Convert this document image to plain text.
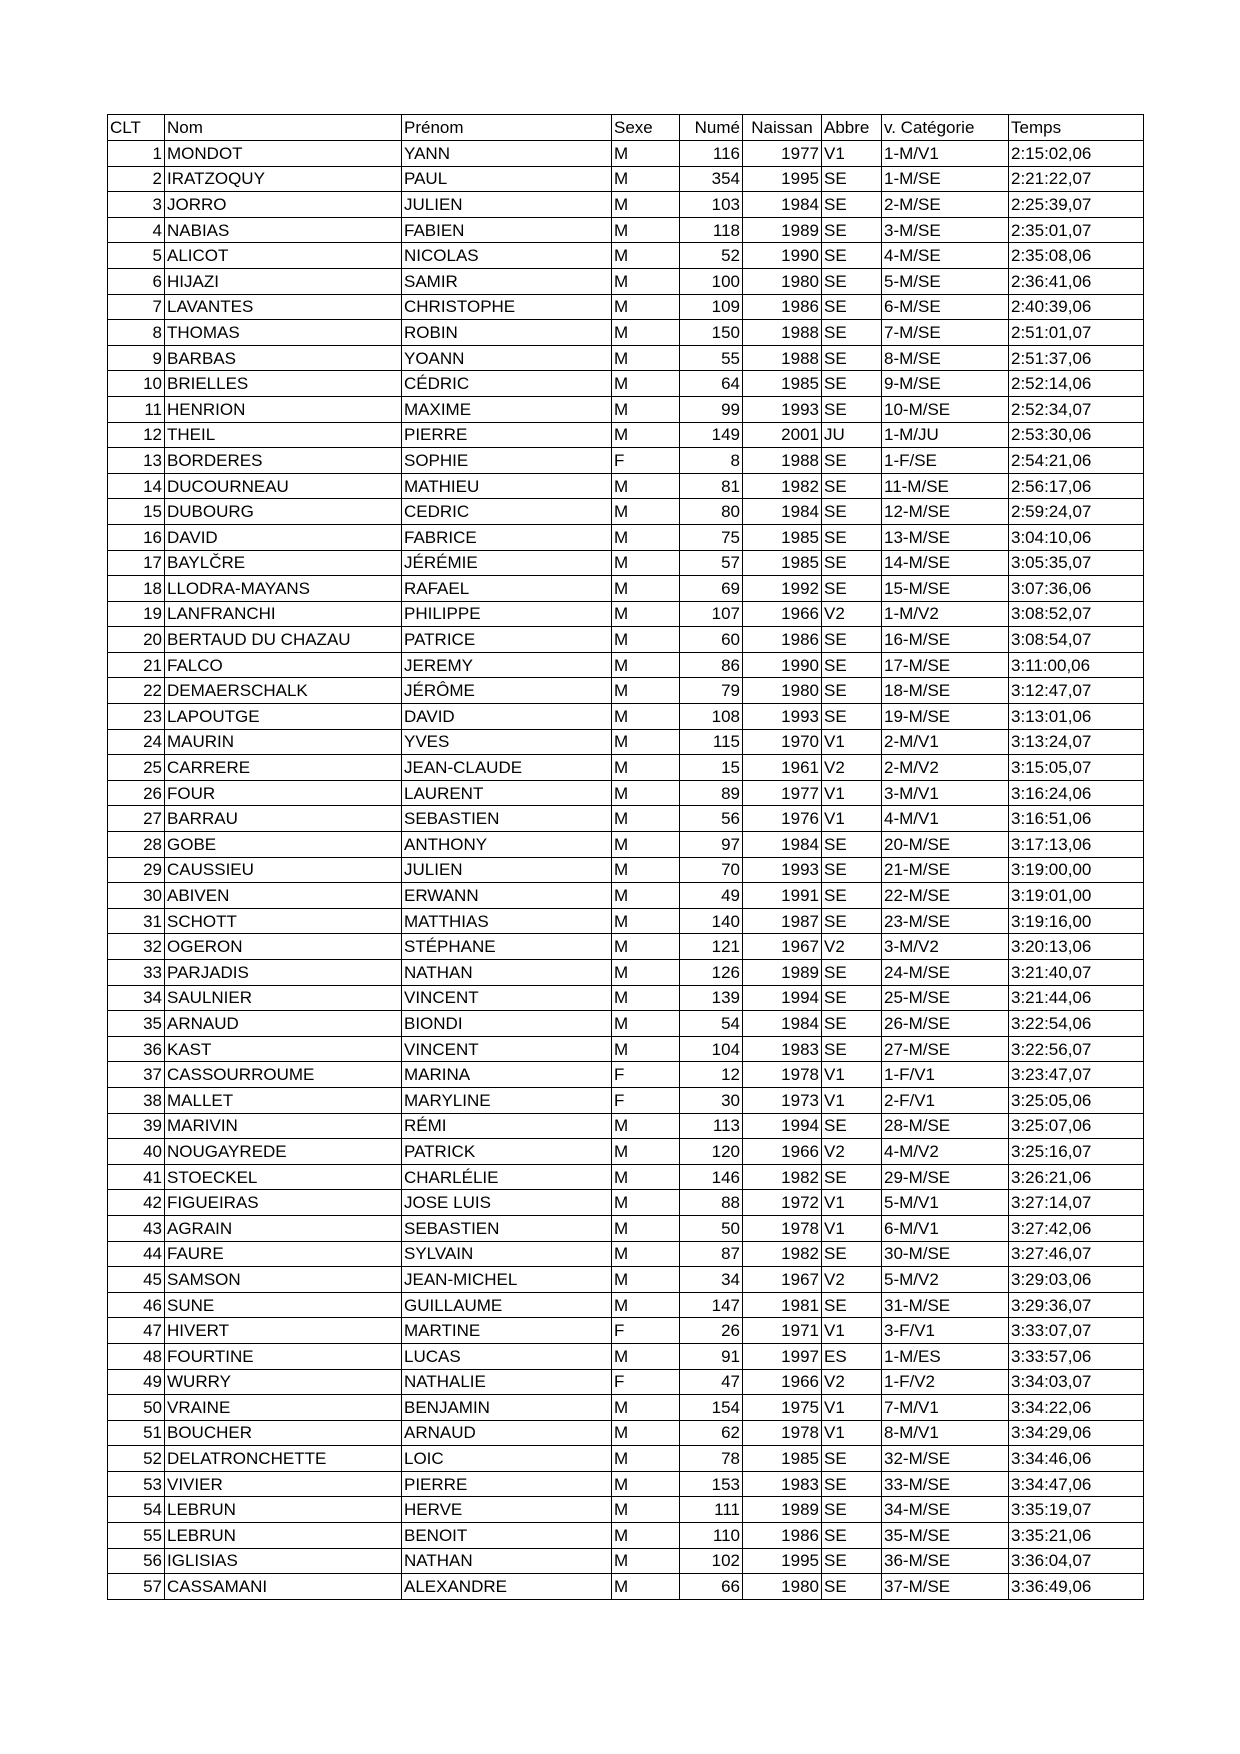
CLT	Nom	Prénom	Sexe	Numé	Naissan	Abbre	v. Catégorie	Temps
1	MONDOT	YANN	M	116	1977	V1	1-M/V1	2:15:02,06
2	IRATZOQUY	PAUL	M	354	1995	SE	1-M/SE	2:21:22,07
3	JORRO	JULIEN	M	103	1984	SE	2-M/SE	2:25:39,07
4	NABIAS	FABIEN	M	118	1989	SE	3-M/SE	2:35:01,07
5	ALICOT	NICOLAS	M	52	1990	SE	4-M/SE	2:35:08,06
6	HIJAZI	SAMIR	M	100	1980	SE	5-M/SE	2:36:41,06
7	LAVANTES	CHRISTOPHE	M	109	1986	SE	6-M/SE	2:40:39,06
8	THOMAS	ROBIN	M	150	1988	SE	7-M/SE	2:51:01,07
9	BARBAS	YOANN	M	55	1988	SE	8-M/SE	2:51:37,06
10	BRIELLES	CÉDRIC	M	64	1985	SE	9-M/SE	2:52:14,06
11	HENRION	MAXIME	M	99	1993	SE	10-M/SE	2:52:34,07
12	THEIL	PIERRE	M	149	2001	JU	1-M/JU	2:53:30,06
13	BORDERES	SOPHIE	F	8	1988	SE	1-F/SE	2:54:21,06
14	DUCOURNEAU	MATHIEU	M	81	1982	SE	11-M/SE	2:56:17,06
15	DUBOURG	CEDRIC	M	80	1984	SE	12-M/SE	2:59:24,07
16	DAVID	FABRICE	M	75	1985	SE	13-M/SE	3:04:10,06
17	BAYLČRE	JÉRÉMIE	M	57	1985	SE	14-M/SE	3:05:35,07
18	LLODRA-MAYANS	RAFAEL	M	69	1992	SE	15-M/SE	3:07:36,06
19	LANFRANCHI	PHILIPPE	M	107	1966	V2	1-M/V2	3:08:52,07
20	BERTAUD DU CHAZAU	PATRICE	M	60	1986	SE	16-M/SE	3:08:54,07
21	FALCO	JEREMY	M	86	1990	SE	17-M/SE	3:11:00,06
22	DEMAERSCHALK	JÉRÔME	M	79	1980	SE	18-M/SE	3:12:47,07
23	LAPOUTGE	DAVID	M	108	1993	SE	19-M/SE	3:13:01,06
24	MAURIN	YVES	M	115	1970	V1	2-M/V1	3:13:24,07
25	CARRERE	JEAN-CLAUDE	M	15	1961	V2	2-M/V2	3:15:05,07
26	FOUR	LAURENT	M	89	1977	V1	3-M/V1	3:16:24,06
27	BARRAU	SEBASTIEN	M	56	1976	V1	4-M/V1	3:16:51,06
28	GOBE	ANTHONY	M	97	1984	SE	20-M/SE	3:17:13,06
29	CAUSSIEU	JULIEN	M	70	1993	SE	21-M/SE	3:19:00,00
30	ABIVEN	ERWANN	M	49	1991	SE	22-M/SE	3:19:01,00
31	SCHOTT	MATTHIAS	M	140	1987	SE	23-M/SE	3:19:16,00
32	OGERON	STÉPHANE	M	121	1967	V2	3-M/V2	3:20:13,06
33	PARJADIS	NATHAN	M	126	1989	SE	24-M/SE	3:21:40,07
34	SAULNIER	VINCENT	M	139	1994	SE	25-M/SE	3:21:44,06
35	ARNAUD	BIONDI	M	54	1984	SE	26-M/SE	3:22:54,06
36	KAST	VINCENT	M	104	1983	SE	27-M/SE	3:22:56,07
37	CASSOURROUME	MARINA	F	12	1978	V1	1-F/V1	3:23:47,07
38	MALLET	MARYLINE	F	30	1973	V1	2-F/V1	3:25:05,06
39	MARIVIN	RÉMI	M	113	1994	SE	28-M/SE	3:25:07,06
40	NOUGAYREDE	PATRICK	M	120	1966	V2	4-M/V2	3:25:16,07
41	STOECKEL	CHARLÉLIE	M	146	1982	SE	29-M/SE	3:26:21,06
42	FIGUEIRAS	JOSE LUIS	M	88	1972	V1	5-M/V1	3:27:14,07
43	AGRAIN	SEBASTIEN	M	50	1978	V1	6-M/V1	3:27:42,06
44	FAURE	SYLVAIN	M	87	1982	SE	30-M/SE	3:27:46,07
45	SAMSON	JEAN-MICHEL	M	34	1967	V2	5-M/V2	3:29:03,06
46	SUNE	GUILLAUME	M	147	1981	SE	31-M/SE	3:29:36,07
47	HIVERT	MARTINE	F	26	1971	V1	3-F/V1	3:33:07,07
48	FOURTINE	LUCAS	M	91	1997	ES	1-M/ES	3:33:57,06
49	WURRY	NATHALIE	F	47	1966	V2	1-F/V2	3:34:03,07
50	VRAINE	BENJAMIN	M	154	1975	V1	7-M/V1	3:34:22,06
51	BOUCHER	ARNAUD	M	62	1978	V1	8-M/V1	3:34:29,06
52	DELATRONCHETTE	LOIC	M	78	1985	SE	32-M/SE	3:34:46,06
53	VIVIER	PIERRE	M	153	1983	SE	33-M/SE	3:34:47,06
54	LEBRUN	HERVE	M	111	1989	SE	34-M/SE	3:35:19,07
55	LEBRUN	BENOIT	M	110	1986	SE	35-M/SE	3:35:21,06
56	IGLISIAS	NATHAN	M	102	1995	SE	36-M/SE	3:36:04,07
57	CASSAMANI	ALEXANDRE	M	66	1980	SE	37-M/SE	3:36:49,06
